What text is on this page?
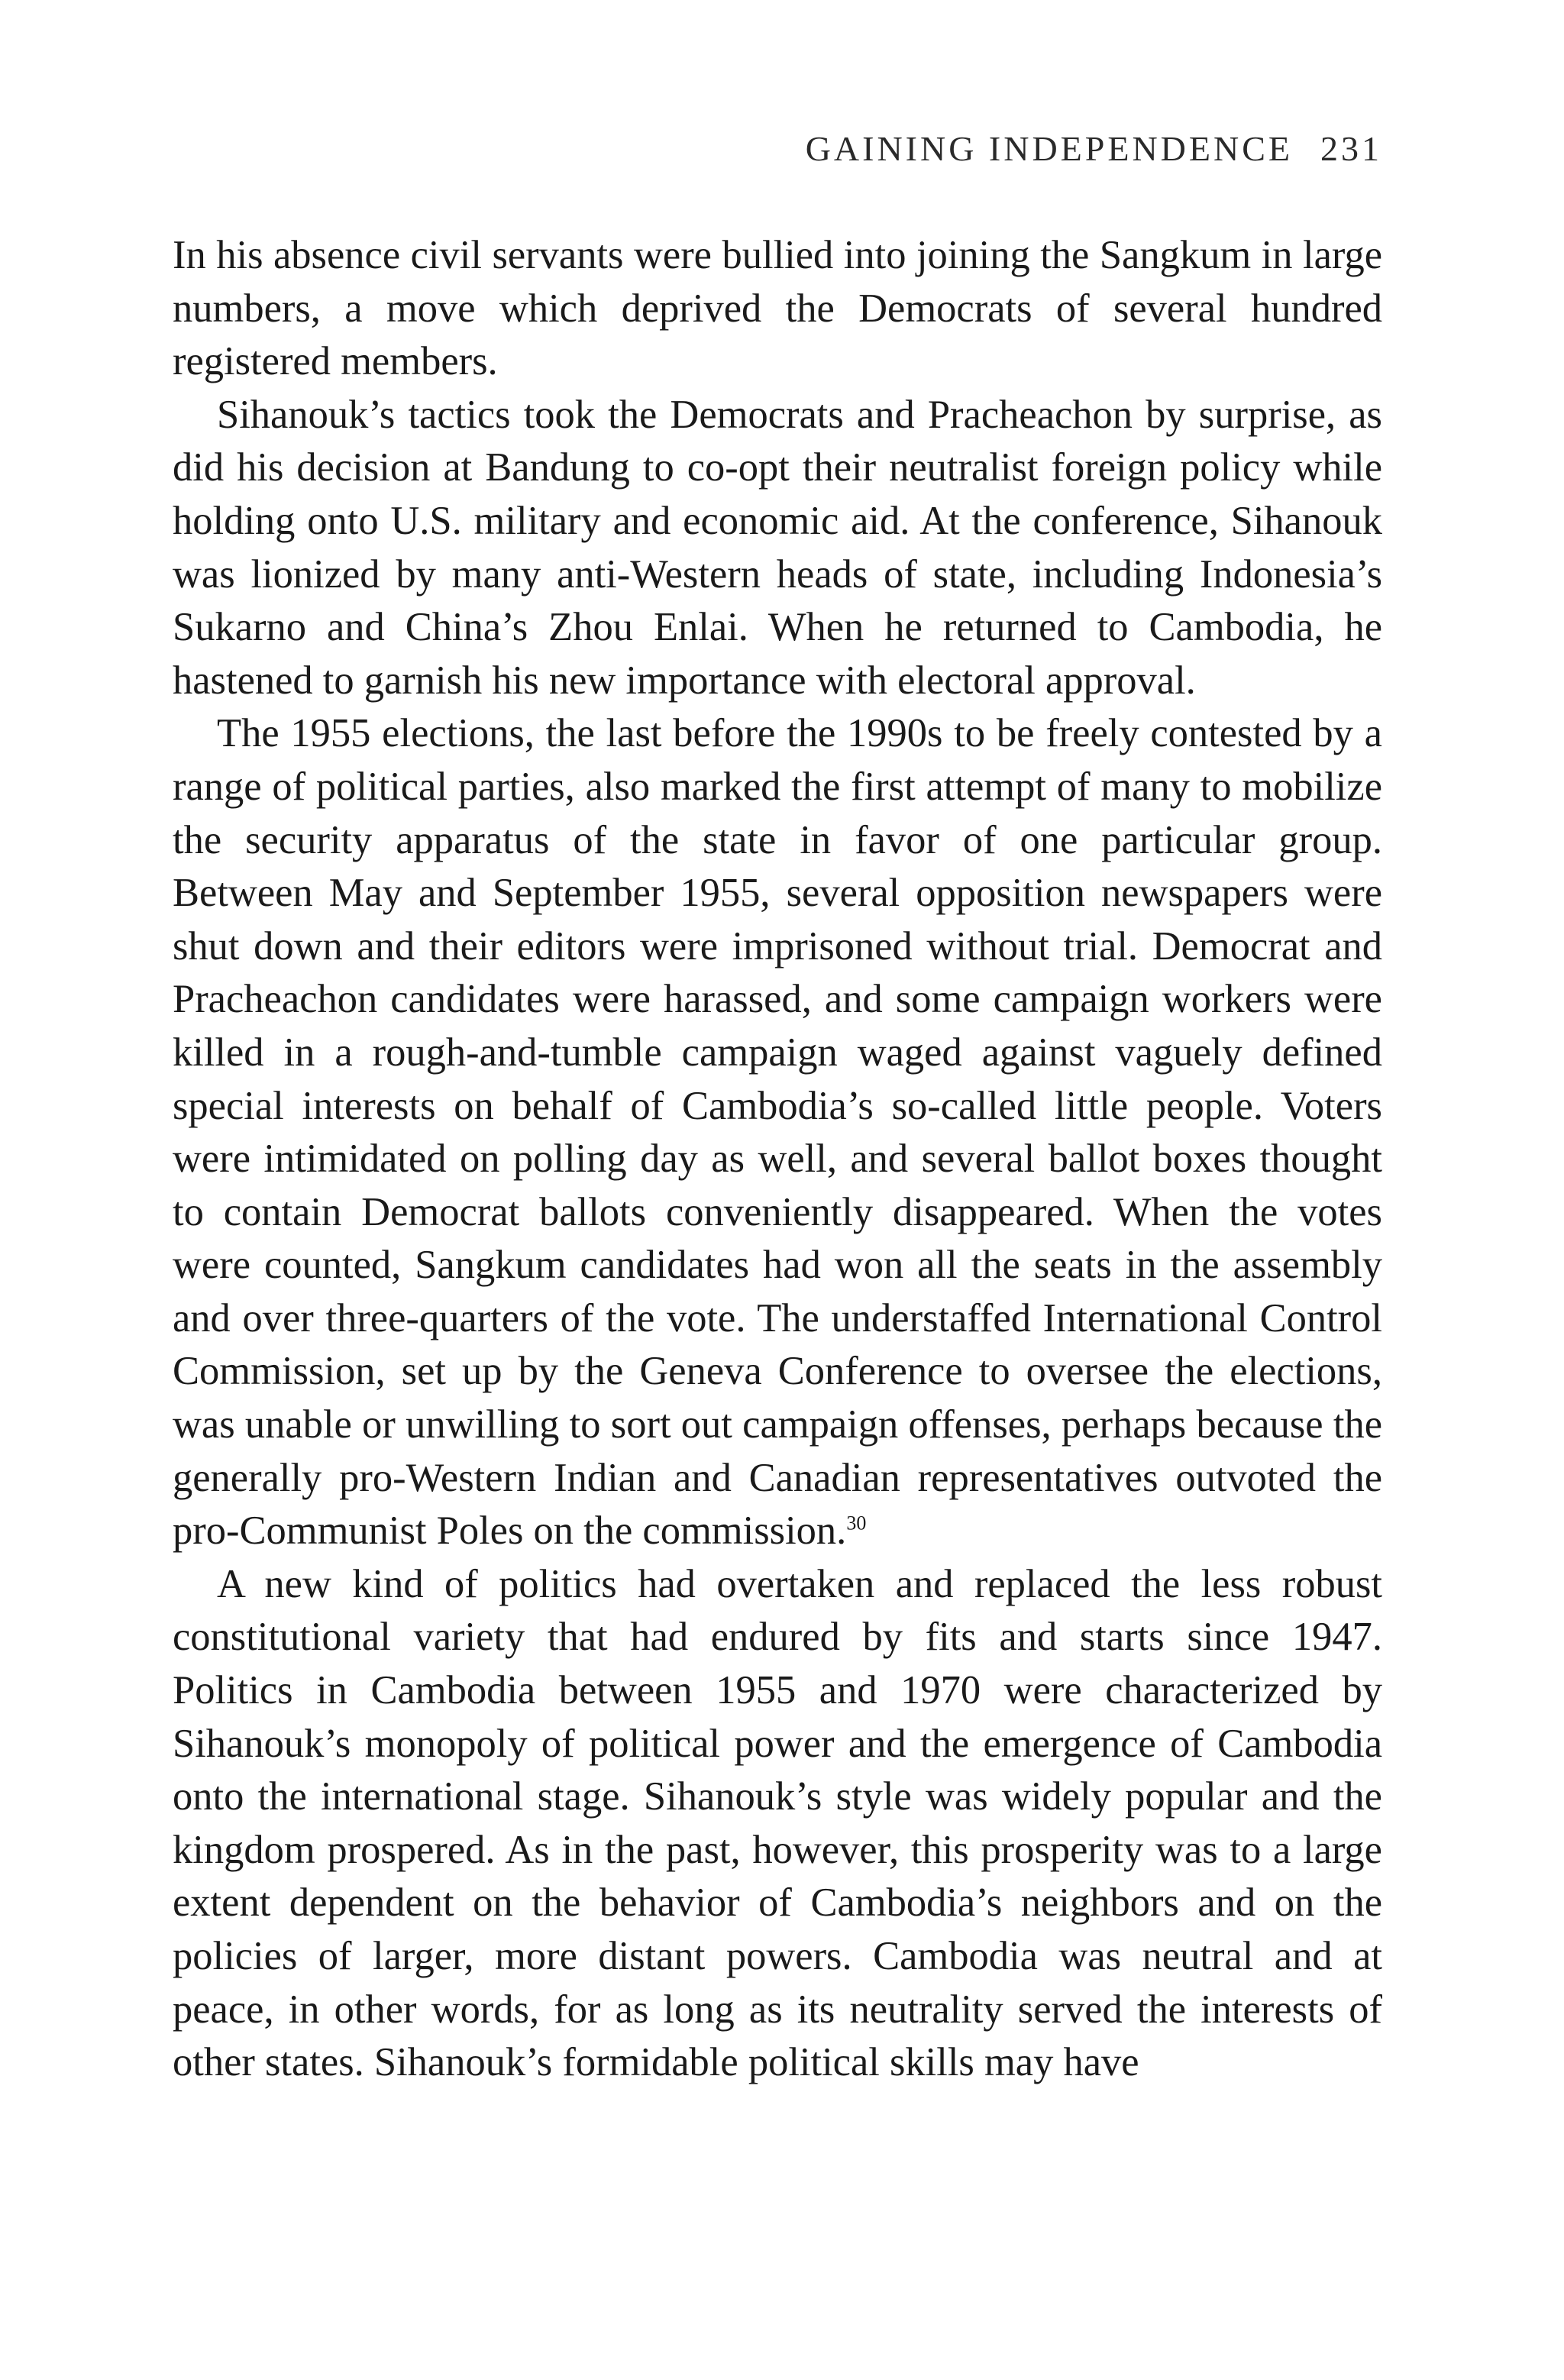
GAINING INDEPENDENCE 231

In his absence civil servants were bullied into joining the Sangkum in large numbers, a move which deprived the Democrats of several hundred registered members.

Sihanouk’s tactics took the Democrats and Pracheachon by surprise, as did his decision at Bandung to co-opt their neutralist foreign policy while holding onto U.S. military and economic aid. At the conference, Sihanouk was lionized by many anti-Western heads of state, including Indonesia’s Sukarno and China’s Zhou Enlai. When he returned to Cambodia, he hastened to garnish his new importance with electoral approval.

The 1955 elections, the last before the 1990s to be freely contested by a range of political parties, also marked the first attempt of many to mobilize the security apparatus of the state in favor of one particular group. Between May and September 1955, several opposition newspapers were shut down and their editors were imprisoned without trial. Democrat and Pracheachon candidates were harassed, and some campaign workers were killed in a rough-and-tumble campaign waged against vaguely defined special interests on behalf of Cambodia’s so-called little people. Voters were intimidated on polling day as well, and several ballot boxes thought to contain Democrat ballots conveniently disappeared. When the votes were counted, Sangkum candidates had won all the seats in the assembly and over three-quarters of the vote. The understaffed International Control Commission, set up by the Geneva Conference to oversee the elections, was unable or unwilling to sort out campaign offenses, perhaps because the generally pro-Western Indian and Canadian representatives outvoted the pro-Communist Poles on the commission.$^{30}$

A new kind of politics had overtaken and replaced the less robust constitutional variety that had endured by fits and starts since 1947. Politics in Cambodia between 1955 and 1970 were characterized by Sihanouk’s monopoly of political power and the emergence of Cambodia onto the international stage. Sihanouk’s style was widely popular and the kingdom prospered. As in the past, however, this prosperity was to a large extent dependent on the behavior of Cambodia’s neighbors and on the policies of larger, more distant powers. Cambodia was neutral and at peace, in other words, for as long as its neutrality served the interests of other states. Sihanouk’s formidable political skills may have
